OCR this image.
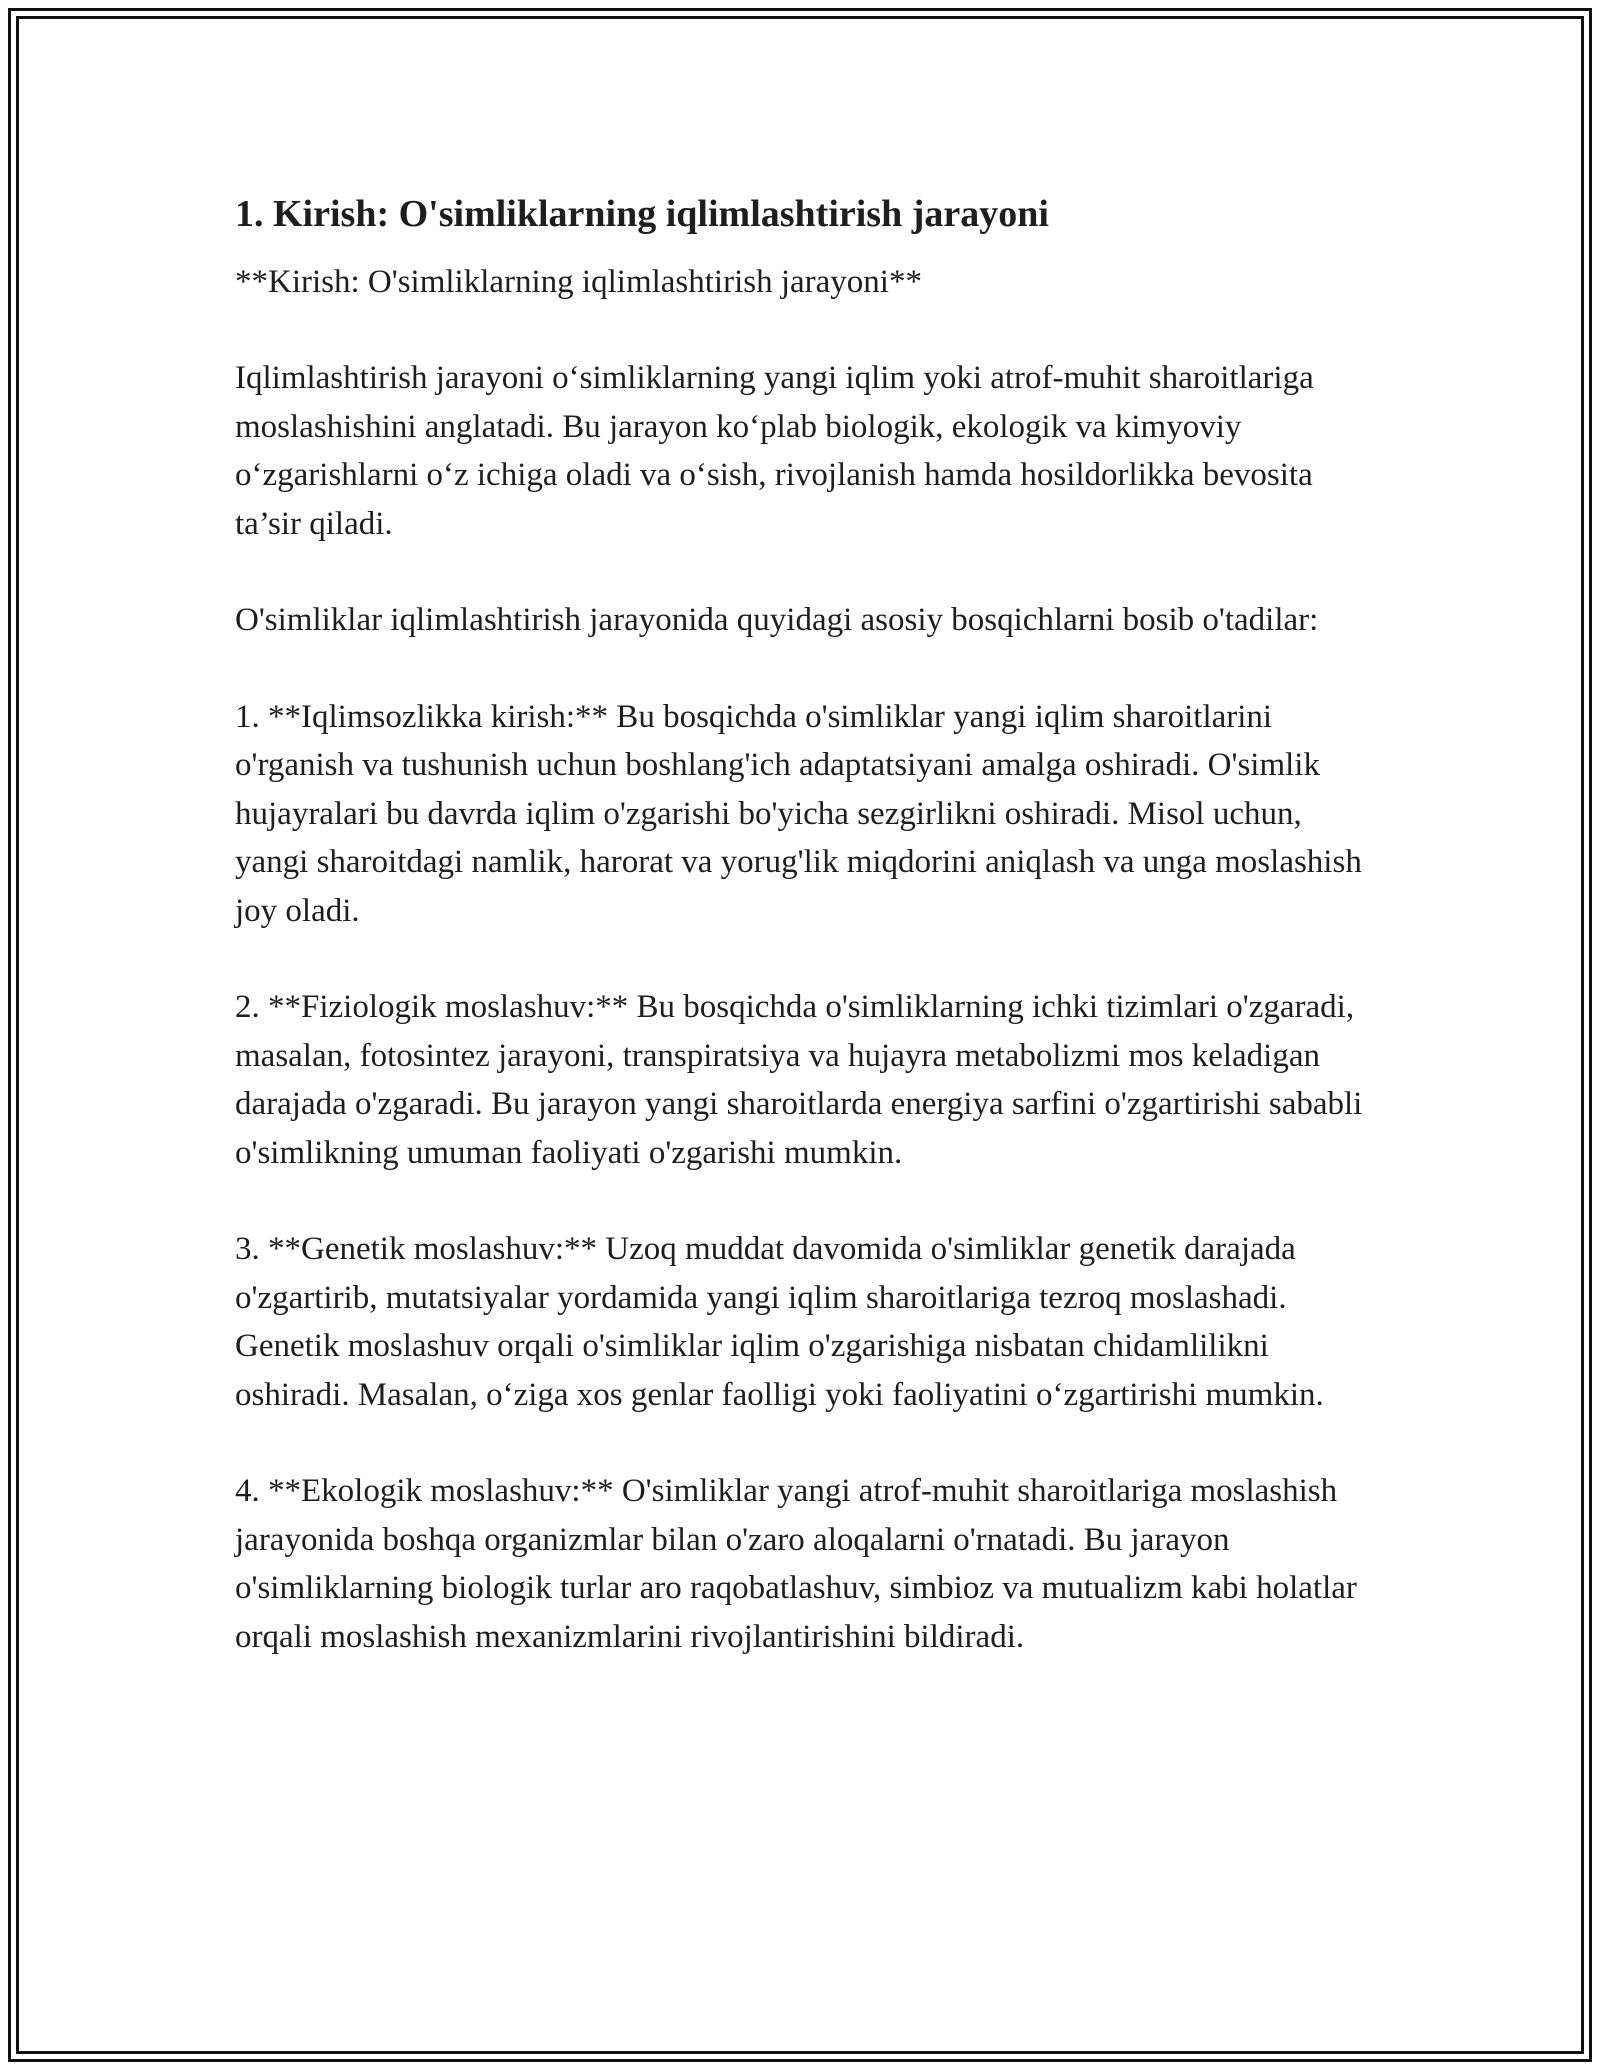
1. Kirish: O'simliklarning iqlimlashtirish jarayoni

**Kirish: O'simliklarning iqlimlashtirish jarayoni**

Iqlimlashtirish jarayoni o‘simliklarning yangi iqlim yoki atrof-muhit sharoitlariga moslashishini anglatadi. Bu jarayon ko‘plab biologik, ekologik va kimyoviy o‘zgarishlarni o‘z ichiga oladi va o‘sish, rivojlanish hamda hosildorlikka bevosita ta’sir qiladi.

O'simliklar iqlimlashtirish jarayonida quyidagi asosiy bosqichlarni bosib o'tadilar:

1. **Iqlimsozlikka kirish:** Bu bosqichda o'simliklar yangi iqlim sharoitlarini o'rganish va tushunish uchun boshlang'ich adaptatsiyani amalga oshiradi. O'simlik hujayralari bu davrda iqlim o'zgarishi bo'yicha sezgirlikni oshiradi. Misol uchun, yangi sharoitdagi namlik, harorat va yorug'lik miqdorini aniqlash va unga moslashish joy oladi.

2. **Fiziologik moslashuv:** Bu bosqichda o'simliklarning ichki tizimlari o'zgaradi, masalan, fotosintez jarayoni, transpiratsiya va hujayra metabolizmi mos keladigan darajada o'zgaradi. Bu jarayon yangi sharoitlarda energiya sarfini o'zgartirishi sababli o'simlikning umuman faoliyati o'zgarishi mumkin.

3. **Genetik moslashuv:** Uzoq muddat davomida o'simliklar genetik darajada o'zgartirib, mutatsiyalar yordamida yangi iqlim sharoitlariga tezroq moslashadi. Genetik moslashuv orqali o'simliklar iqlim o'zgarishiga nisbatan chidamlilikni oshiradi. Masalan, o‘ziga xos genlar faolligi yoki faoliyatini o‘zgartirishi mumkin.

4. **Ekologik moslashuv:** O'simliklar yangi atrof-muhit sharoitlariga moslashish jarayonida boshqa organizmlar bilan o'zaro aloqalarni o'rnatadi. Bu jarayon o'simliklarning biologik turlar aro raqobatlashuv, simbioz va mutualizm kabi holatlar orqali moslashish mexanizmlarini rivojlantirishini bildiradi.
